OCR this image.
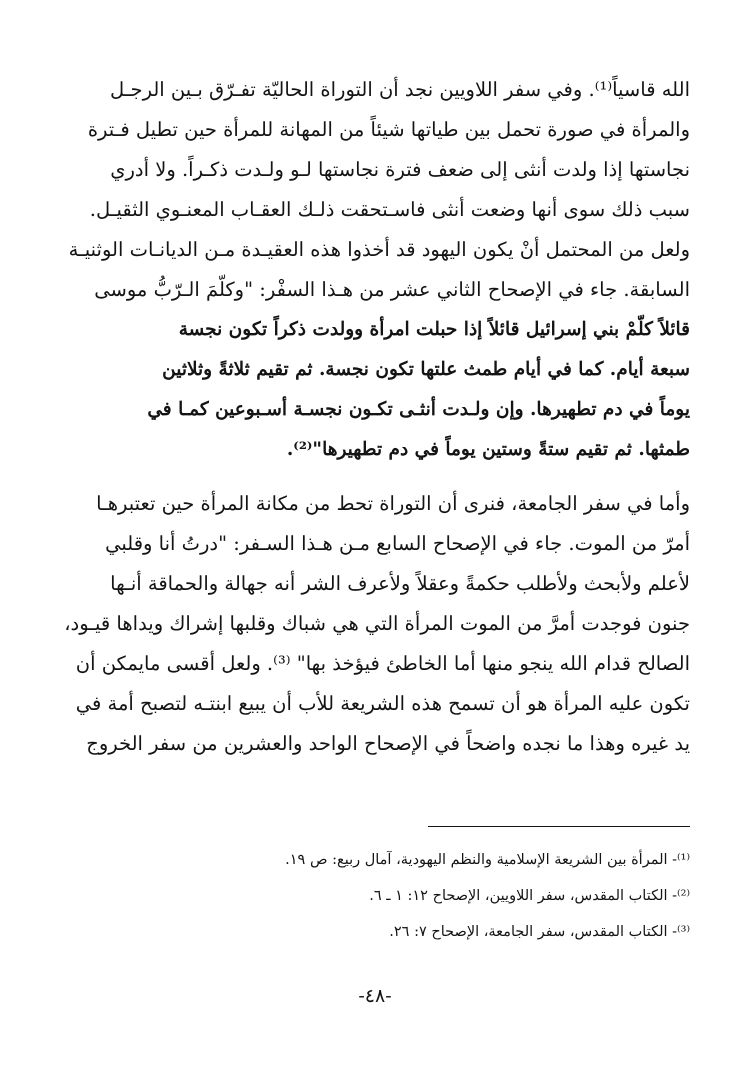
الله قاسياً⁽¹⁾. وفي سفر اللاويين نجد أن التوراة الحاليّة تفـرّق بـين الرجـل
والمرأة في صورة تحمل بين طياتها شيئاً من المهانة للمرأة حين تطيل فـترة
نجاستها إذا ولدت أنثى إلى ضعف فترة نجاستها لـو ولـدت ذكـراً. ولا أدري
سبب ذلك سوى أنها وضعت أنثى فاسـتحقت ذلـك العقـاب المعنـوي الثقيـل.
ولعل من المحتمل أنْ يكون اليهود قد أخذوا هذه العقيـدة مـن الديانـات الوثنيـة
السابقة. جاء في الإصحاح الثاني عشر من هـذا السفْر: "وكلّمَ الـرّبُّ موسى
قائلاً كلّمْ بني إسرائيل قائلاً إذا حبلت امرأة وولدت ذكراً تكون نجسة
سبعة أيام. كما في أيام طمث علتها تكون نجسة. ثم تقيم ثلاثةً وثلاثين
يوماً في دم تطهيرها. وإن ولـدت أنثـى تكـون نجسـة أسـبوعين كمـا في
طمثها. ثم تقيم ستةً وستين يوماً في دم تطهيرها"⁽²⁾.
وأما في سفر الجامعة، فنرى أن التوراة تحط من مكانة المرأة حين تعتبرهـا
أمرّ من الموت. جاء في الإصحاح السابع مـن هـذا السـفر: "درتُ أنا وقلبي
لأعلم ولأبحث ولأطلب حكمةً وعقلاً ولأعرف الشر أنه جهالة والحماقة أنـها
جنون فوجدت أمرَّ من الموت المرأة التي هي شباك وقلبها إشراك ويداها قيـود،
الصالح قدام الله ينجو منها أما الخاطئ فيؤخذ بها" ⁽³⁾. ولعل أقسى مايمكن أن
تكون عليه المرأة هو أن تسمح هذه الشريعة للأب أن يبيع ابنتـه لتصبح أمة في
يد غيره وهذا ما نجده واضحاً في الإصحاح الواحد والعشرين من سفر الخروج
⁽¹⁾- المرأة بين الشريعة الإسلامية والنظم اليهودية، آمال ربيع: ص ١٩.
⁽²⁾- الكتاب المقدس، سفر اللاويين، الإصحاح ١٢: ١ ـ ٦.
⁽³⁾- الكتاب المقدس، سفر الجامعة، الإصحاح ٧: ٢٦.
-٤٨-
